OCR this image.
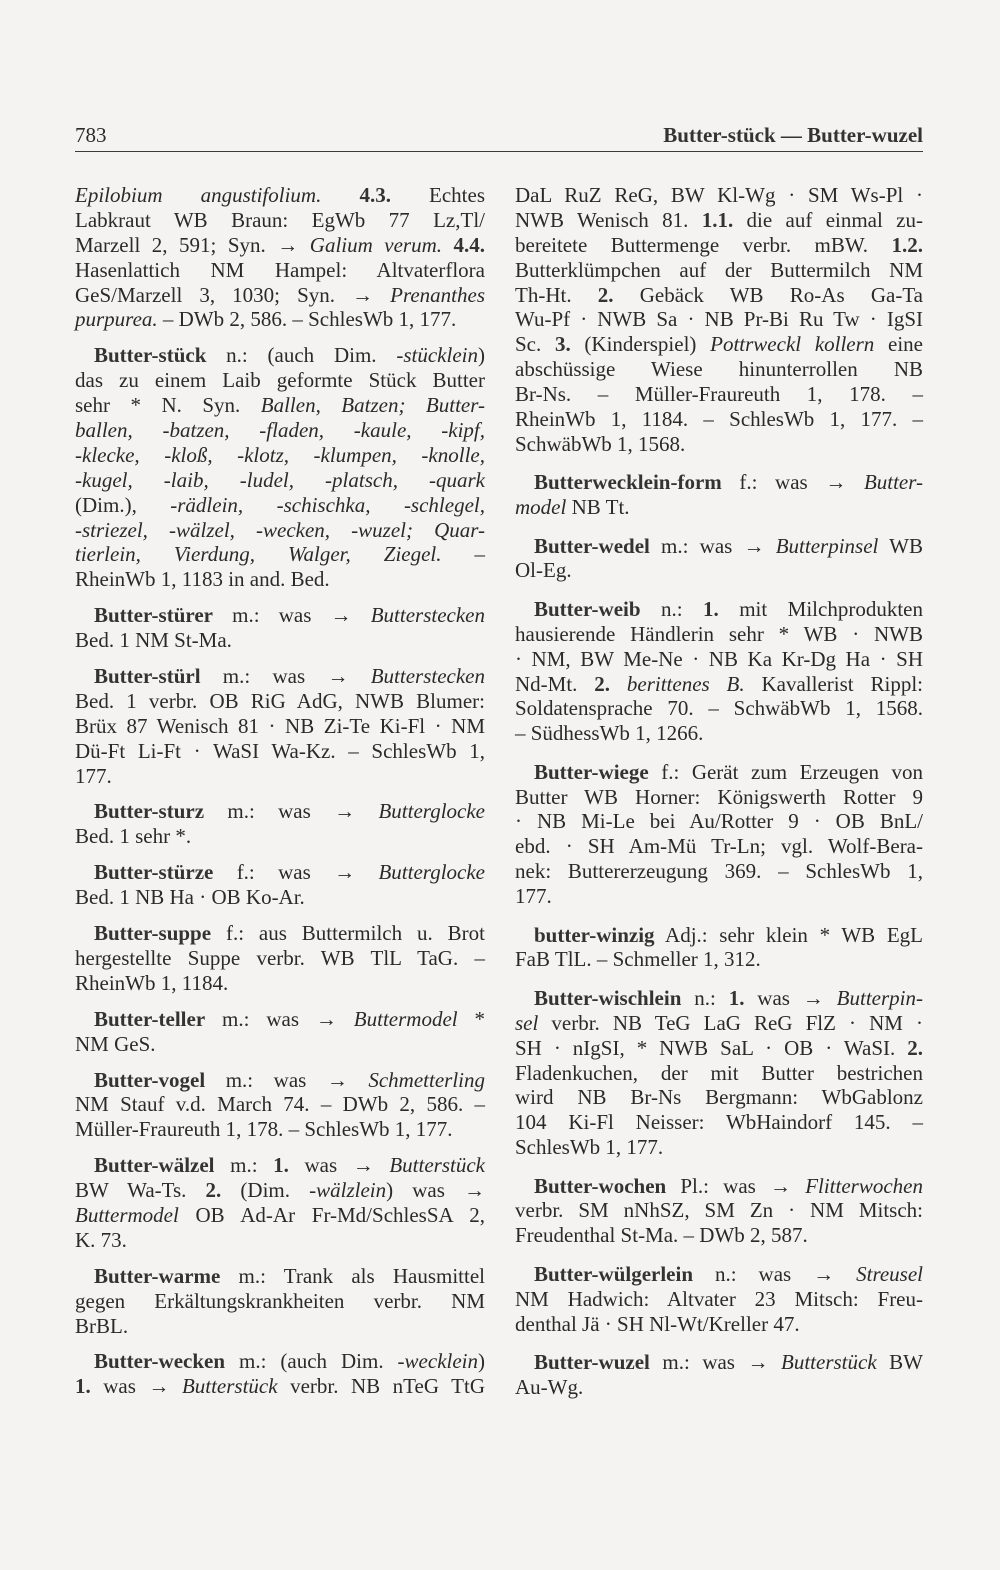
783	Butter-stück — Butter-wuzel
Epilobium angustifolium. 4.3. Echtes
Labkraut WB Braun: EgWb 77 Lz,Tl/
Marzell 2, 591; Syn. → Galium verum. 4.4.
Hasenlattich NM Hampel: Altvaterflora
GeS/Marzell 3, 1030; Syn. → Prenanthes
purpurea. – DWb 2, 586. – SchlesWb 1, 177.
Butter-stück n.: (auch Dim. -stücklein)
das zu einem Laib geformte Stück Butter
sehr * N. Syn. Ballen, Batzen; Butter-
ballen, -batzen, -fladen, -kaule, -kipf,
-klecke, -kloß, -klotz, -klumpen, -knolle,
-kugel, -laib, -ludel, -platsch, -quark
(Dim.), -rädlein, -schischka, -schlegel,
-striezel, -wälzel, -wecken, -wuzel; Quar-
tierlein, Vierdung, Walger, Ziegel. –
RheinWb 1, 1183 in and. Bed.
Butter-stürer m.: was → Butterstecken
Bed. 1 NM St-Ma.
Butter-stürl m.: was → Butterstecken
Bed. 1 verbr. OB RiG AdG, NWB Blumer:
Brüx 87 Wenisch 81 · NB Zi-Te Ki-Fl · NM
Dü-Ft Li-Ft · WaSI Wa-Kz. – SchlesWb 1,
177.
Butter-sturz m.: was → Butterglocke
Bed. 1 sehr *.
Butter-stürze f.: was → Butterglocke
Bed. 1 NB Ha · OB Ko-Ar.
Butter-suppe f.: aus Buttermilch u. Brot
hergestellte Suppe verbr. WB TlL TaG. –
RheinWb 1, 1184.
Butter-teller m.: was → Buttermodel *
NM GeS.
Butter-vogel m.: was → Schmetterling
NM Stauf v.d. March 74. – DWb 2, 586. –
Müller-Fraureuth 1, 178. – SchlesWb 1, 177.
Butter-wälzel m.: 1. was → Butterstück
BW Wa-Ts. 2. (Dim. -wälzlein) was →
Buttermodel OB Ad-Ar Fr-Md/SchlesSA 2,
K. 73.
Butter-warme m.: Trank als Hausmittel
gegen Erkältungskrankheiten verbr. NM
BrBL.
Butter-wecken m.: (auch Dim. -wecklein)
1. was → Butterstück verbr. NB nTeG TtG
DaL RuZ ReG, BW Kl-Wg · SM Ws-Pl ·
NWB Wenisch 81. 1.1. die auf einmal zu-
bereitete Buttermenge verbr. mBW. 1.2.
Butterklümpchen auf der Buttermilch NM
Th-Ht. 2. Gebäck WB Ro-As Ga-Ta
Wu-Pf · NWB Sa · NB Pr-Bi Ru Tw · IgSI
Sc. 3. (Kinderspiel) Pottrweckl kollern eine
abschüssige Wiese hinunterrollen NB
Br-Ns. – Müller-Fraureuth 1, 178. –
RheinWb 1, 1184. – SchlesWb 1, 177. –
SchwäbWb 1, 1568.
Butterwecklein-form f.: was → Butter-
model NB Tt.
Butter-wedel m.: was → Butterpinsel WB
Ol-Eg.
Butter-weib n.: 1. mit Milchprodukten
hausierende Händlerin sehr * WB · NWB
· NM, BW Me-Ne · NB Ka Kr-Dg Ha · SH
Nd-Mt. 2. berittenes B. Kavallerist Rippl:
Soldatensprache 70. – SchwäbWb 1, 1568.
– SüdhessWb 1, 1266.
Butter-wiege f.: Gerät zum Erzeugen von
Butter WB Horner: Königswerth Rotter 9
· NB Mi-Le bei Au/Rotter 9 · OB BnL/
ebd. · SH Am-Mü Tr-Ln; vgl. Wolf-Bera-
nek: Buttererzeugung 369. – SchlesWb 1,
177.
butter-winzig Adj.: sehr klein * WB EgL
FaB TlL. – Schmeller 1, 312.
Butter-wischlein n.: 1. was → Butterpin-
sel verbr. NB TeG LaG ReG FlZ · NM ·
SH · nIgSI, * NWB SaL · OB · WaSI. 2.
Fladenkuchen, der mit Butter bestrichen
wird NB Br-Ns Bergmann: WbGablonz
104 Ki-Fl Neisser: WbHaindorf 145. –
SchlesWb 1, 177.
Butter-wochen Pl.: was → Flitterwochen
verbr. SM nNhSZ, SM Zn · NM Mitsch:
Freudenthal St-Ma. – DWb 2, 587.
Butter-wülgerlein n.: was → Streusel
NM Hadwich: Altvater 23 Mitsch: Freu-
denthal Jä · SH Nl-Wt/Kreller 47.
Butter-wuzel m.: was → Butterstück BW
Au-Wg.
